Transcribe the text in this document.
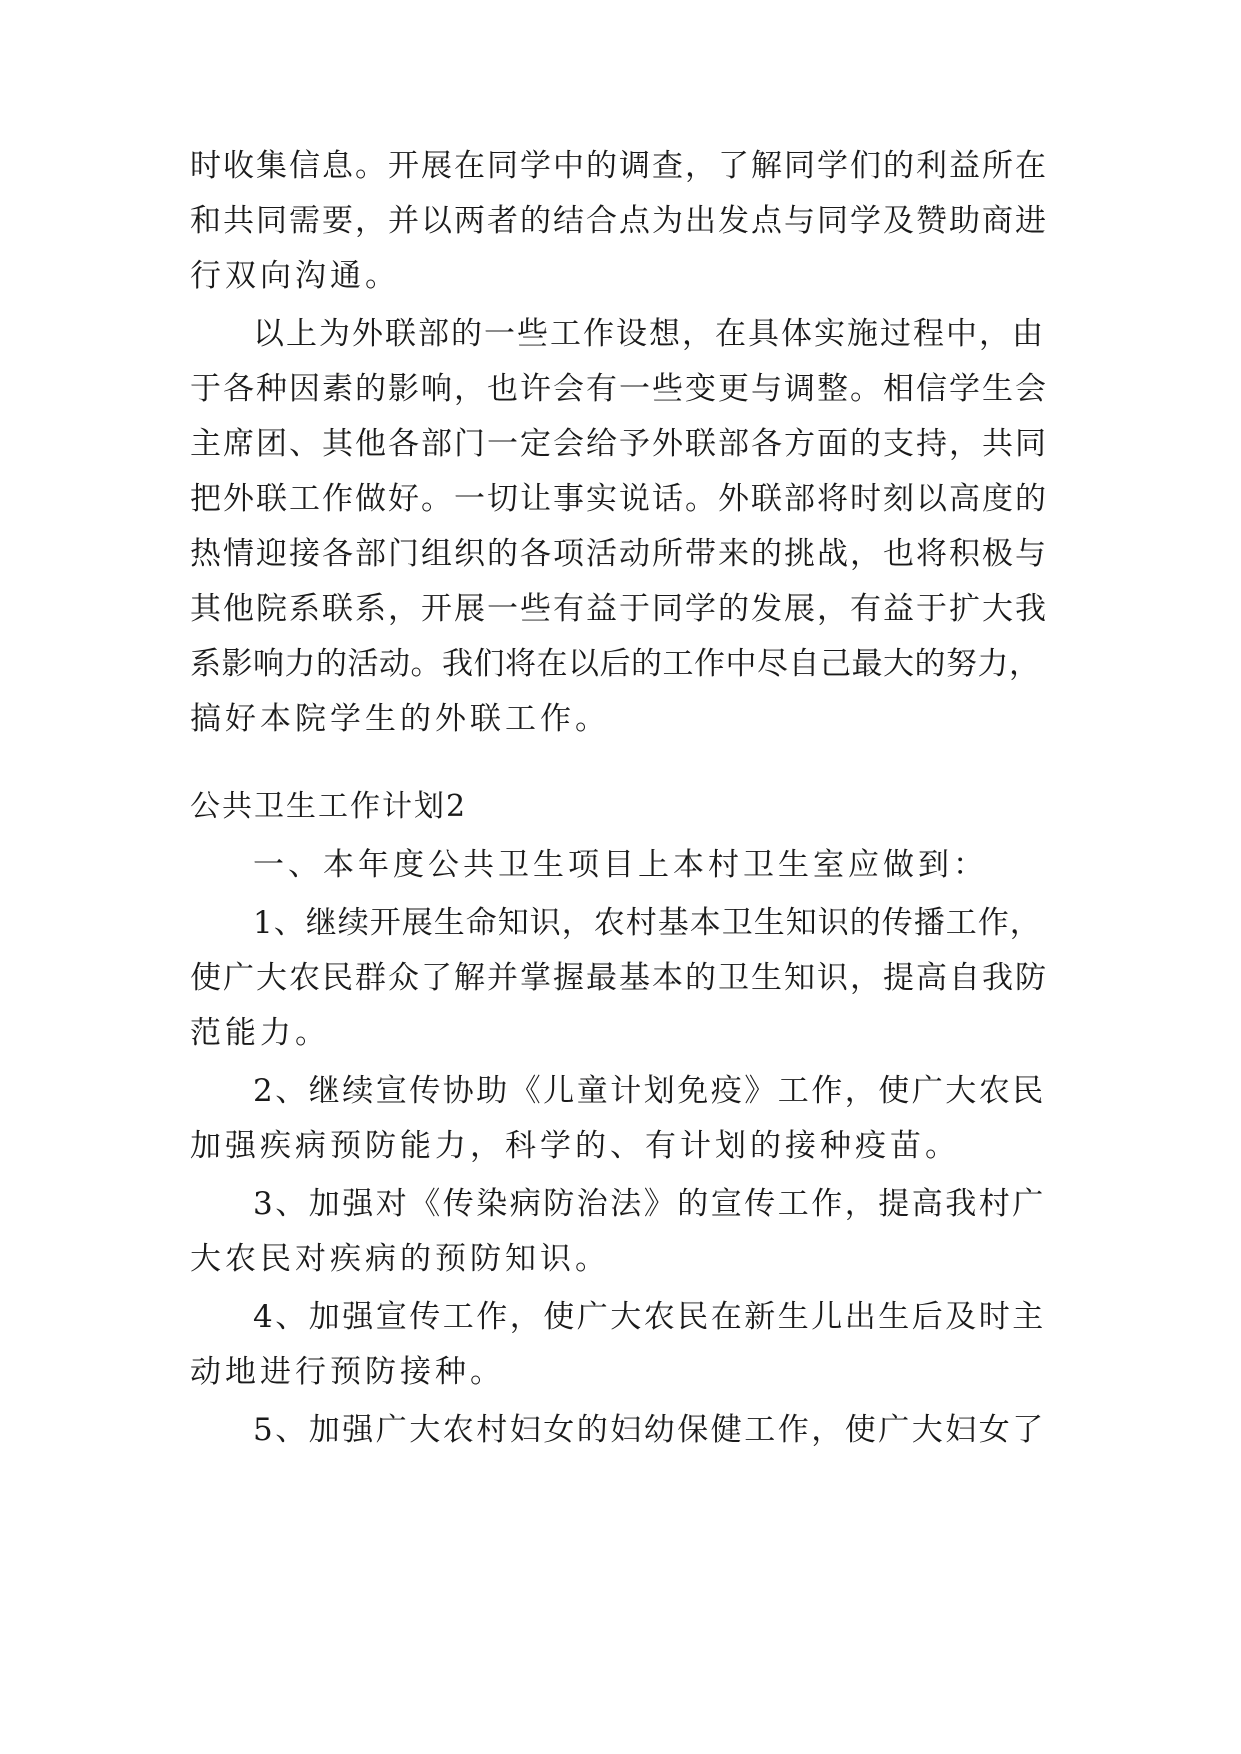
时收集信息。开展在同学中的调查，了解同学们的利益所在
和共同需要，并以两者的结合点为出发点与同学及赞助商进
行双向沟通。
以上为外联部的一些工作设想，在具体实施过程中，由
于各种因素的影响，也许会有一些变更与调整。相信学生会
主席团、其他各部门一定会给予外联部各方面的支持，共同
把外联工作做好。一切让事实说话。外联部将时刻以高度的
热情迎接各部门组织的各项活动所带来的挑战，也将积极与
其他院系联系，开展一些有益于同学的发展，有益于扩大我
系影响力的活动。我们将在以后的工作中尽自己最大的努力，
搞好本院学生的外联工作。
公共卫生工作计划2
一、本年度公共卫生项目上本村卫生室应做到：
1、继续开展生命知识，农村基本卫生知识的传播工作，
使广大农民群众了解并掌握最基本的卫生知识，提高自我防
范能力。
2、继续宣传协助《儿童计划免疫》工作，使广大农民
加强疾病预防能力，科学的、有计划的接种疫苗。
3、加强对《传染病防治法》的宣传工作，提高我村广
大农民对疾病的预防知识。
4、加强宣传工作，使广大农民在新生儿出生后及时主
动地进行预防接种。
5、加强广大农村妇女的妇幼保健工作，使广大妇女了
